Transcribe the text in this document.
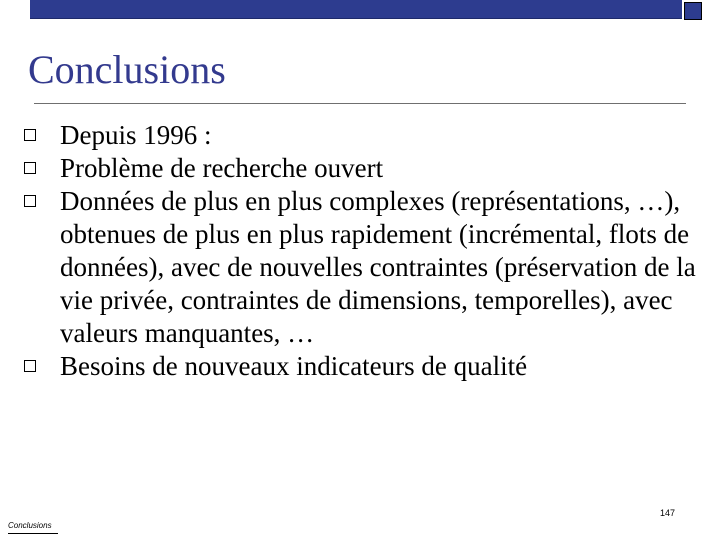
Conclusions
Depuis 1996 :
Problème de recherche ouvert
Données de plus en plus complexes (représentations, …), obtenues de plus en plus rapidement (incrémental, flots de données), avec de nouvelles contraintes (préservation de la vie privée, contraintes de dimensions, temporelles), avec valeurs manquantes, …
Besoins de nouveaux indicateurs de qualité
147
Conclusions
